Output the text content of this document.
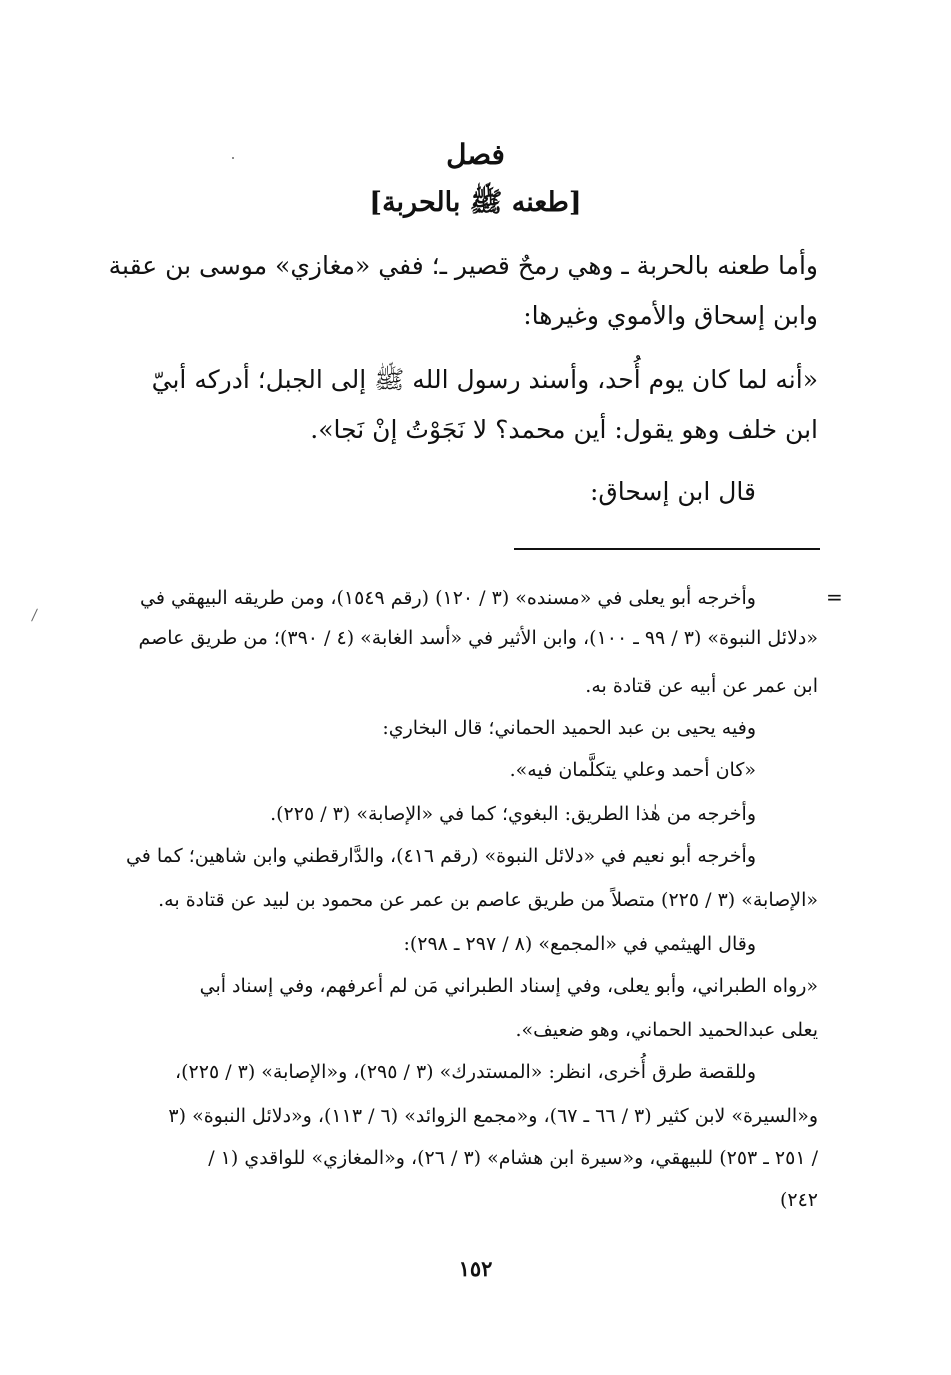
فصل
[طعنه ﷺ بالحربة]
وأما طعنه بالحربة ـ وهي رمحٌ قصير ـ؛ ففي «مغازي» موسى بن عقبة
وابن إسحاق والأموي وغيرها:
«أنه لما كان يوم أُحد، وأسند رسول الله ﷺ إلى الجبل؛ أدركه أبيّ
ابن خلف وهو يقول: أين محمد؟ لا نَجَوْتُ إنْ نَجا».
قال ابن إسحاق:
=
وأخرجه أبو يعلى في «مسنده» (٣ / ١٢٠) (رقم ١٥٤٩)، ومن طريقه البيهقي في
«دلائل النبوة» (٣ / ٩٩ ـ ١٠٠)، وابن الأثير في «أسد الغابة» (٤ / ٣٩٠)؛ من طريق عاصم
ابن عمر عن أبيه عن قتادة به.
وفيه يحيى بن عبد الحميد الحماني؛ قال البخاري:
«كان أحمد وعلي يتكلَّمان فيه».
وأخرجه من هٰذا الطريق: البغوي؛ كما في «الإصابة» (٣ / ٢٢٥).
وأخرجه أبو نعيم في «دلائل النبوة» (رقم ٤١٦)، والدَّارقطني وابن شاهين؛ كما في
«الإصابة» (٣ / ٢٢٥) متصلاً من طريق عاصم بن عمر عن محمود بن لبيد عن قتادة به.
وقال الهيثمي في «المجمع» (٨ / ٢٩٧ ـ ٢٩٨):
«رواه الطبراني، وأبو يعلى، وفي إسناد الطبراني مَن لم أعرفهم، وفي إسناد أبي
يعلى عبدالحميد الحماني، وهو ضعيف».
وللقصة طرق أُخرى، انظر: «المستدرك» (٣ / ٢٩٥)، و«الإصابة» (٣ / ٢٢٥)،
و«السيرة» لابن كثير (٣ / ٦٦ ـ ٦٧)، و«مجمع الزوائد» (٦ / ١١٣)، و«دلائل النبوة» (٣
/ ٢٥١ ـ ٢٥٣) للبيهقي، و«سيرة ابن هشام» (٣ / ٢٦)، و«المغازي» للواقدي (١ /
٢٤٢)
١٥٢
